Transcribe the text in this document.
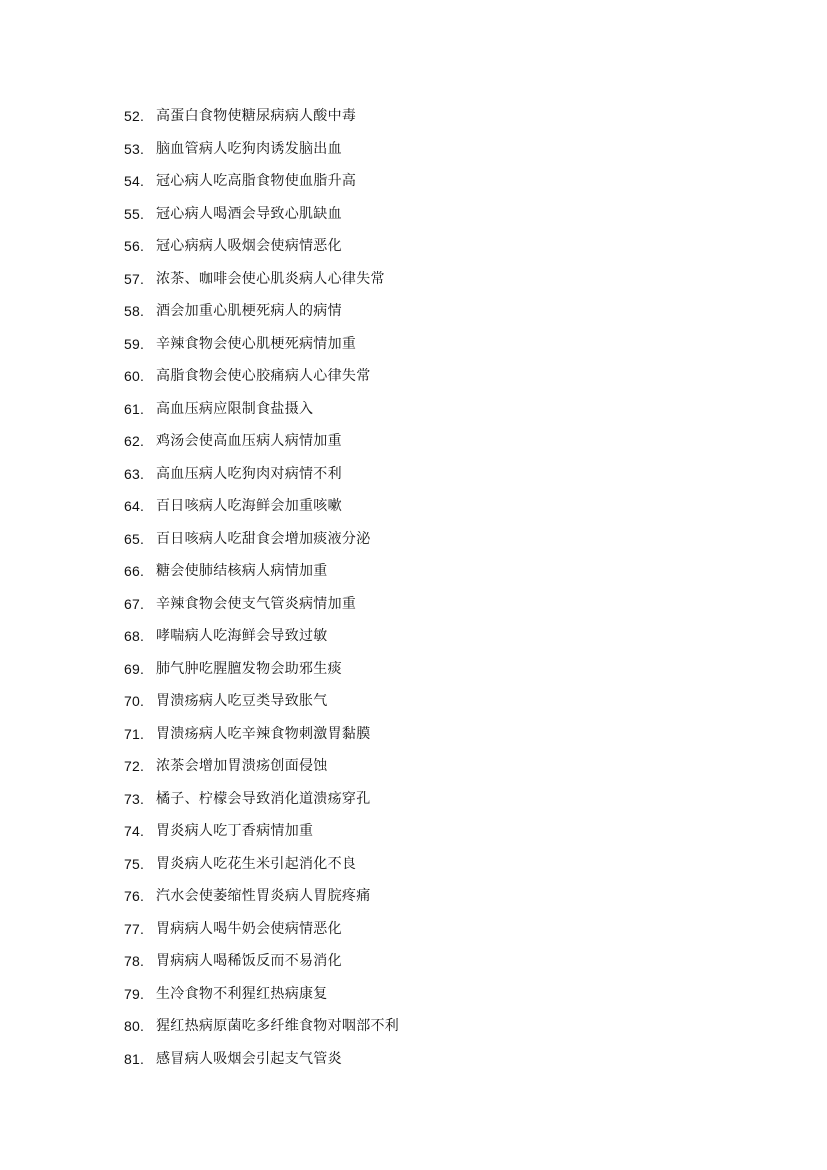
52. 高蛋白食物使糖尿病病人酸中毒
53. 脑血管病人吃狗肉诱发脑出血
54. 冠心病人吃高脂食物使血脂升高
55. 冠心病人喝酒会导致心肌缺血
56. 冠心病病人吸烟会使病情恶化
57. 浓茶、咖啡会使心肌炎病人心律失常
58. 酒会加重心肌梗死病人的病情
59. 辛辣食物会使心肌梗死病情加重
60. 高脂食物会使心胶痛病人心律失常
61. 高血压病应限制食盐摄入
62. 鸡汤会使高血压病人病情加重
63. 高血压病人吃狗肉对病情不利
64. 百日咳病人吃海鲜会加重咳嗽
65. 百日咳病人吃甜食会增加痰液分泌
66. 糖会使肺结核病人病情加重
67. 辛辣食物会使支气管炎病情加重
68. 哮喘病人吃海鲜会导致过敏
69. 肺气肿吃腥膻发物会助邪生痰
70. 胃溃疡病人吃豆类导致胀气
71. 胃溃疡病人吃辛辣食物刺激胃黏膜
72. 浓茶会增加胃溃疡创面侵蚀
73. 橘子、柠檬会导致消化道溃疡穿孔
74. 胃炎病人吃丁香病情加重
75. 胃炎病人吃花生米引起消化不良
76. 汽水会使萎缩性胃炎病人胃脘疼痛
77. 胃病病人喝牛奶会使病情恶化
78. 胃病病人喝稀饭反而不易消化
79. 生冷食物不利猩红热病康复
80. 猩红热病原菌吃多纤维食物对咽部不利
81. 感冒病人吸烟会引起支气管炎
